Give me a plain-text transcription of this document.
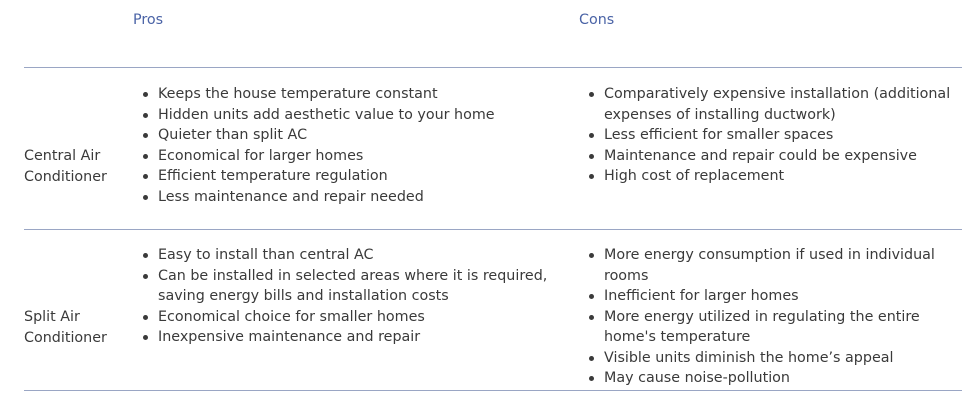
Pros	Cons
Central Air
Conditioner
Keeps the house temperature constant
Hidden units add aesthetic value to your home
Quieter than split AC
Economical for larger homes
Efficient temperature regulation
Less maintenance and repair needed
Comparatively expensive installation (additional expenses of installing ductwork)
Less efficient for smaller spaces
Maintenance and repair could be expensive
High cost of replacement
Split Air
Conditioner
Easy to install than central AC
Can be installed in selected areas where it is required, saving energy bills and installation costs
Economical choice for smaller homes
Inexpensive maintenance and repair
More energy consumption if used in individual rooms
Inefficient for larger homes
More energy utilized in regulating the entire home's temperature
Visible units diminish the home’s appeal
May cause noise-pollution
